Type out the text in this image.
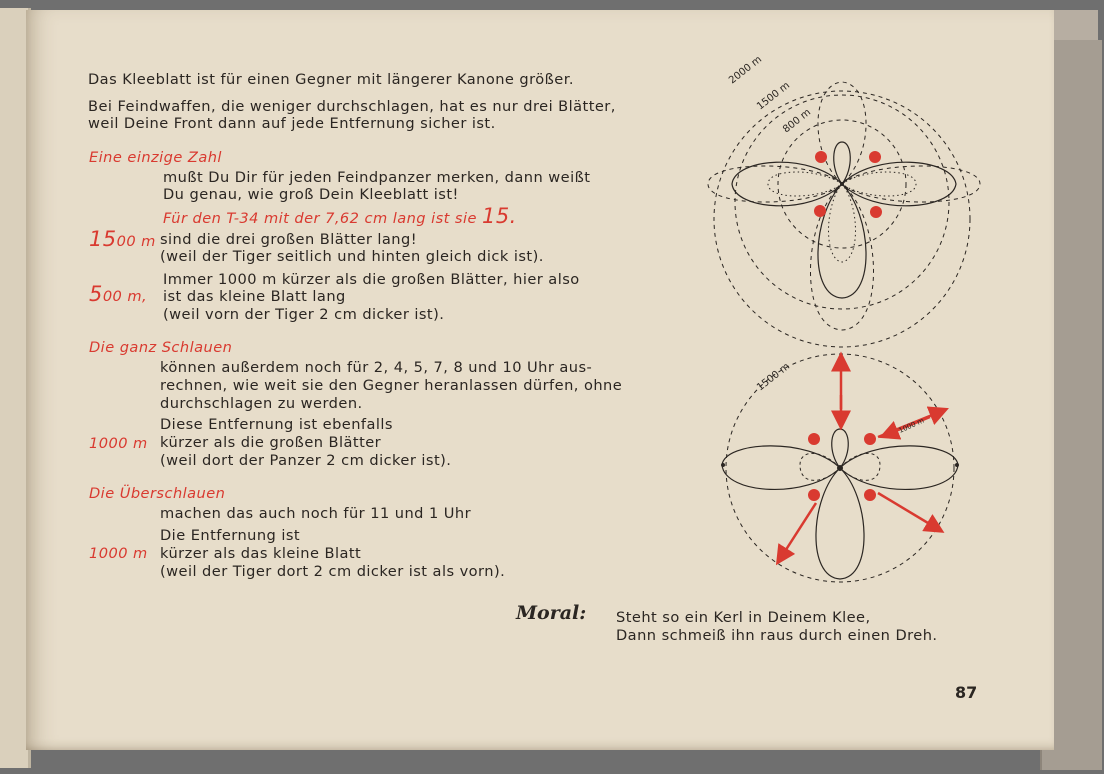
Das Kleeblatt ist für einen Gegner mit längerer Kanone größer.
Bei Feindwaffen, die weniger durchschlagen, hat es nur drei Blätter,
weil Deine Front dann auf jede Entfernung sicher ist.
Eine einzige Zahl
mußt Du Dir für jeden Feindpanzer merken, dann weißt
Du genau, wie groß Dein Kleeblatt ist!
Für den T-34 mit der 7,62 cm lang ist sie 15.
1500 m sind die drei großen Blätter lang!
(weil der Tiger seitlich und hinten gleich dick ist).
Immer 1000 m kürzer als die großen Blätter, hier also
500 m, ist das kleine Blatt lang
(weil vorn der Tiger 2 cm dicker ist).
Die ganz Schlauen
können außerdem noch für 2, 4, 5, 7, 8 und 10 Uhr aus-
rechnen, wie weit sie den Gegner heranlassen dürfen, ohne
durchschlagen zu werden.
Diese Entfernung ist ebenfalls
1000 m kürzer als die großen Blätter
(weil dort der Panzer 2 cm dicker ist).
Die Überschlauen
machen das auch noch für 11 und 1 Uhr
Die Entfernung ist
1000 m kürzer als das kleine Blatt
(weil der Tiger dort 2 cm dicker ist als vorn).
Moral: Steht so ein Kerl in Deinem Klee,
Dann schmeiß ihn raus durch einen Dreh.
87
2000 m
1500 m
800 m
1500 m
1000 m
